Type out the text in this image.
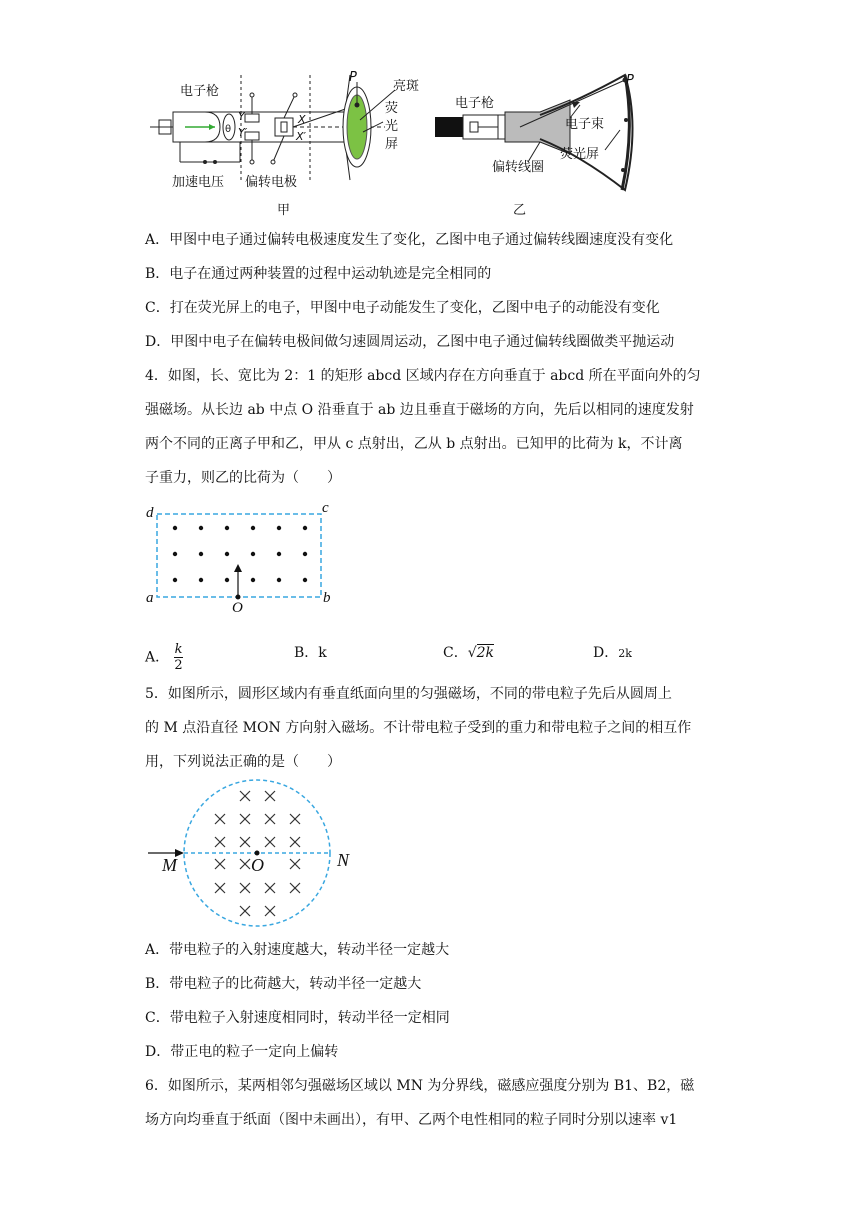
θ
电子枪
加速电压 偏转电极
亮斑
荧
光
屏
P
Y
Y′
X
X′
甲
电子枪
电子束
荧光屏
偏转线圈
P
乙
A．甲图中电子通过偏转电极速度发生了变化，乙图中电子通过偏转线圈速度没有变化
B．电子在通过两种装置的过程中运动轨迹是完全相同的
C．打在荧光屏上的电子，甲图中电子动能发生了变化，乙图中电子的动能没有变化
D．甲图中电子在偏转电极间做匀速圆周运动，乙图中电子通过偏转线圈做类平抛运动
4．如图，长、宽比为 2：1 的矩形 abcd 区域内存在方向垂直于 abcd 所在平面向外的匀
强磁场。从长边 ab 中点 O 沿垂直于 ab 边且垂直于磁场的方向，先后以相同的速度发射
两个不同的正离子甲和乙，甲从 c 点射出，乙从 b 点射出。已知甲的比荷为 k，不计离
子重力，则乙的比荷为（　　）
d	c
a	b
O
A． $\frac{k}{2}$	B．k	C．√2k	D．2k
5．如图所示，圆形区域内有垂直纸面向里的匀强磁场，不同的带电粒子先后从圆周上
的 M 点沿直径 MON 方向射入磁场。不计带电粒子受到的重力和带电粒子之间的相互作
用，下列说法正确的是（　　）
M	O	N
A．带电粒子的入射速度越大，转动半径一定越大
B．带电粒子的比荷越大，转动半径一定越大
C．带电粒子入射速度相同时，转动半径一定相同
D．带正电的粒子一定向上偏转
6．如图所示，某两相邻匀强磁场区域以 MN 为分界线，磁感应强度分别为 B1、B2，磁
场方向均垂直于纸面（图中未画出），有甲、乙两个电性相同的粒子同时分别以速率 v1
